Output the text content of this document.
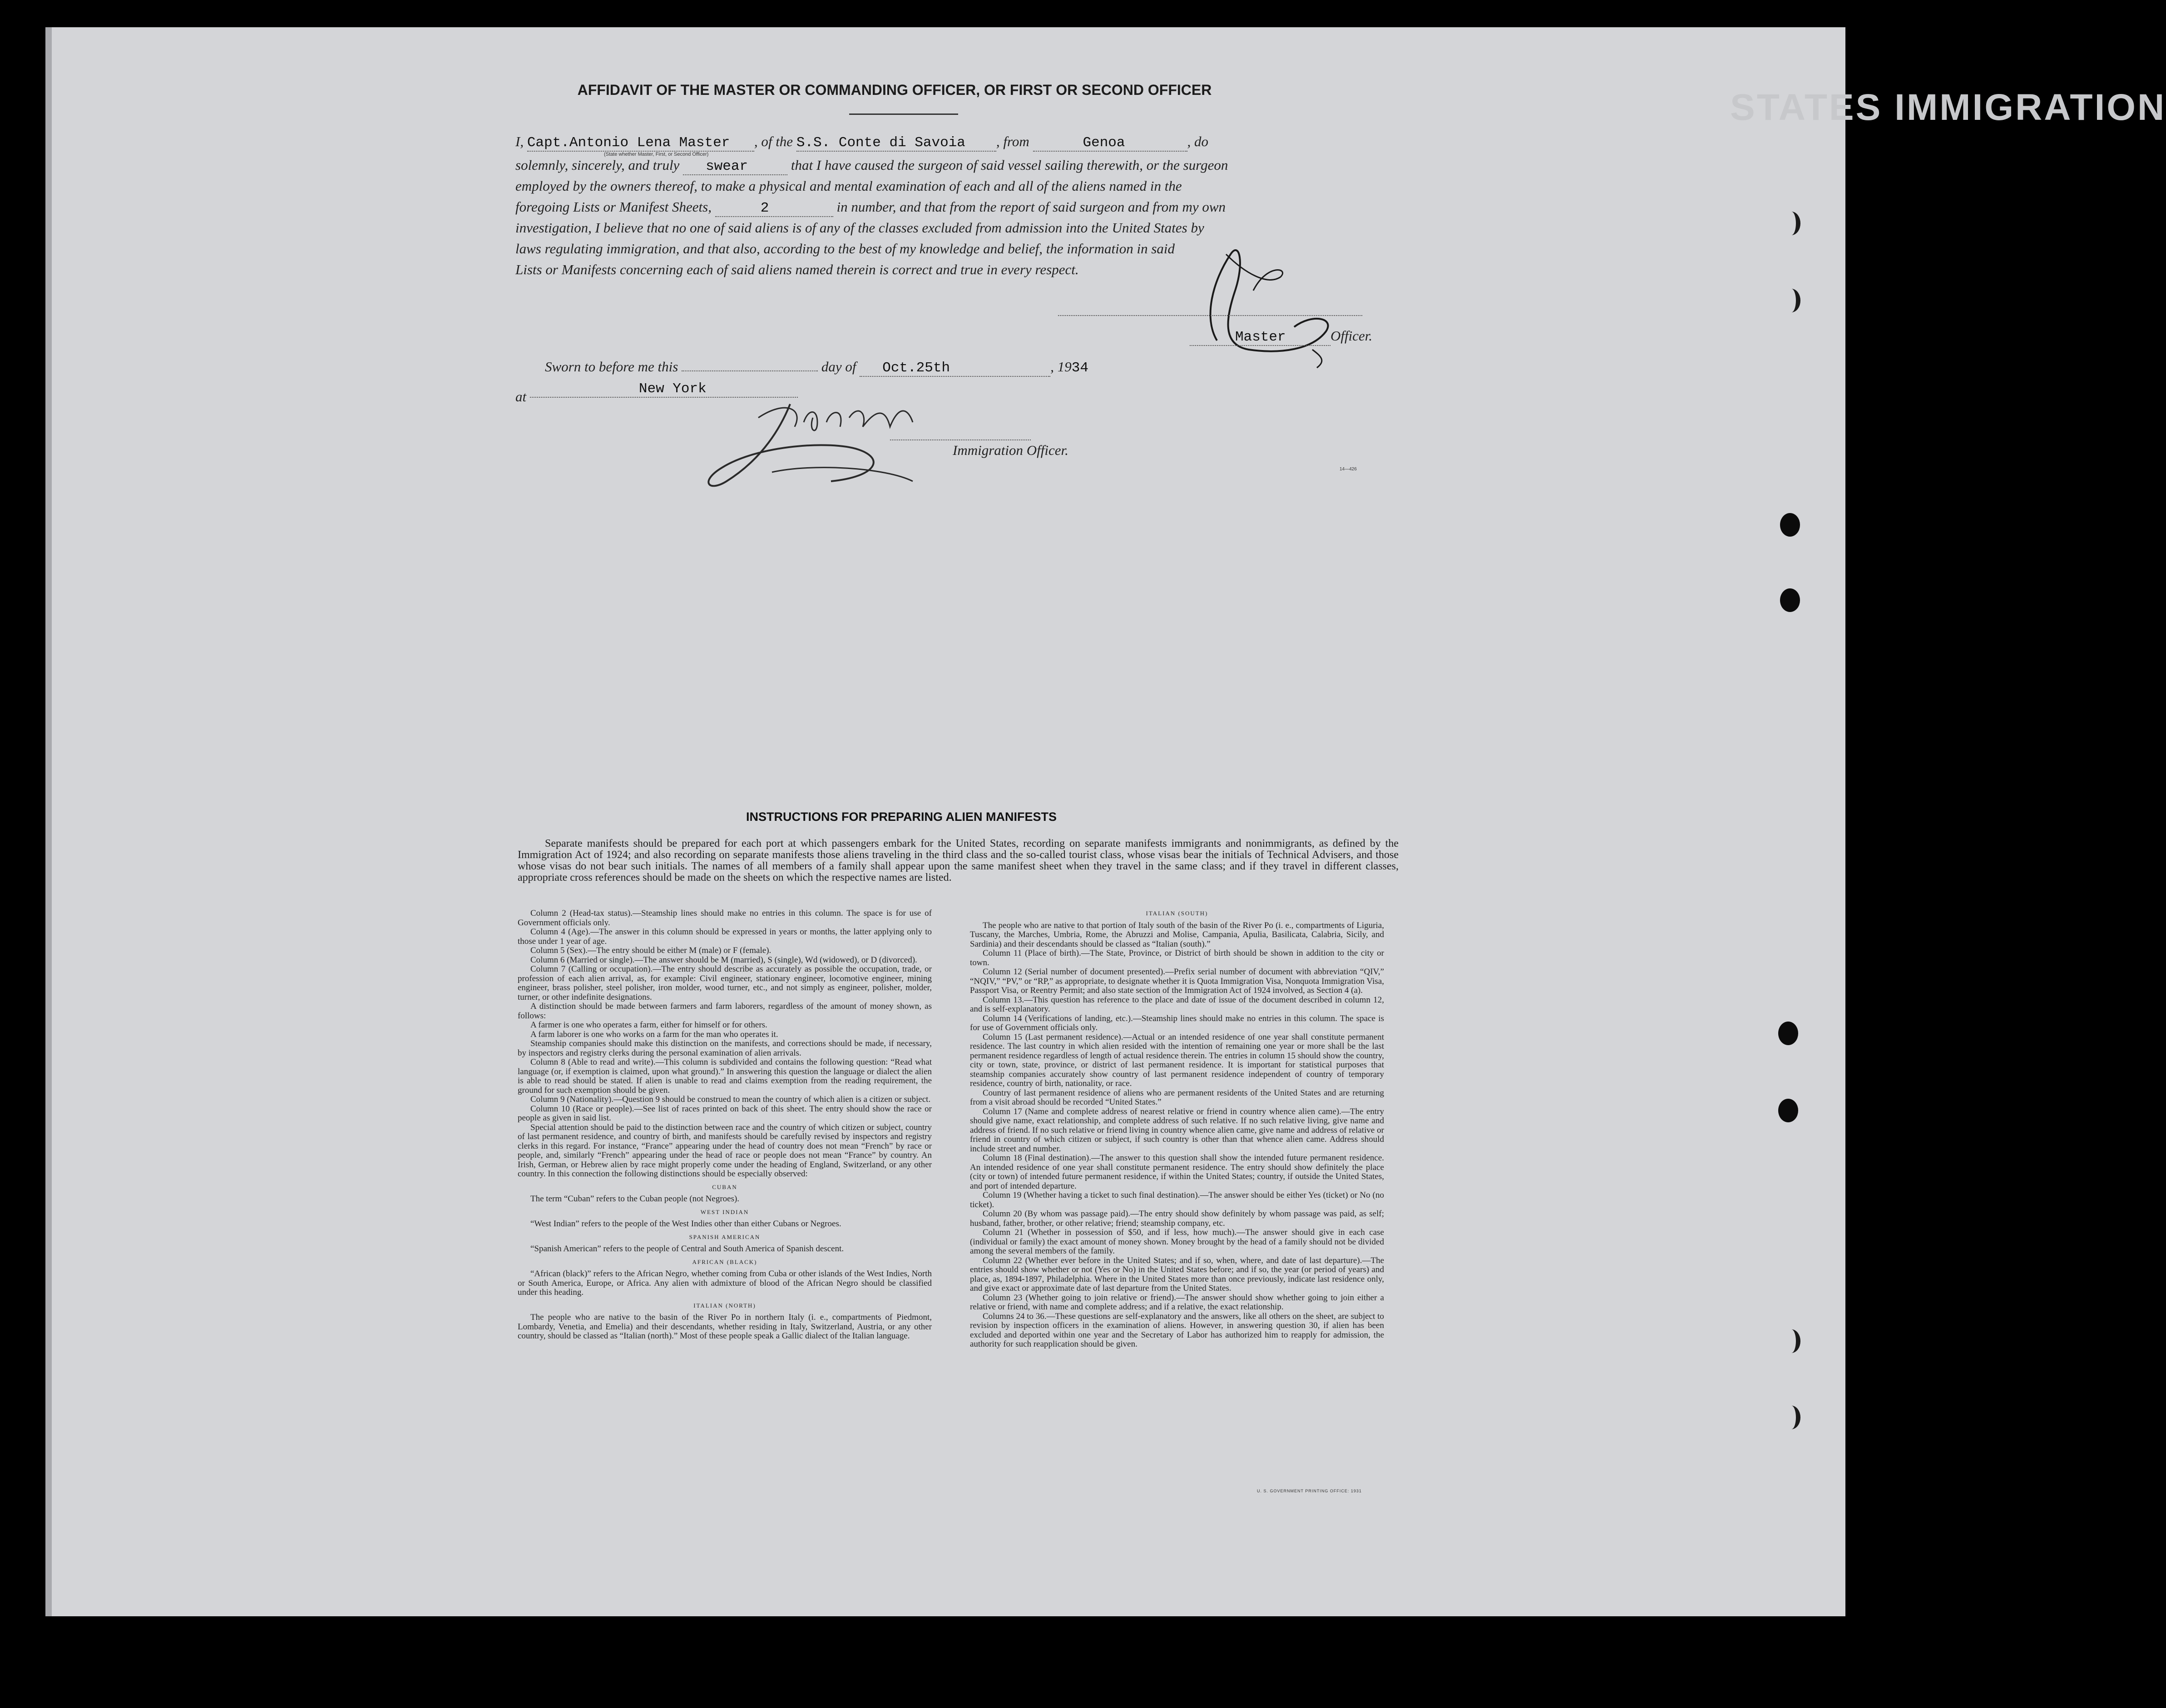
STATES IMMIGRATION
AFFIDAVIT OF THE MASTER OR COMMANDING OFFICER, OR FIRST OR SECOND OFFICER
I, Capt.Antonio Lena Master , of the S.S. Conte di Savoia , from	Genoa	, do
(State whether Master, First, or Second Officer)
solemnly, sincerely, and truly swear	that I have caused the surgeon of said vessel sailing therewith, or the surgeon
employed by the owners thereof, to make a physical and mental examination of each and all of the aliens named in the
foregoing Lists or Manifest Sheets,	2	in number, and that from the report of said surgeon and from my own
investigation, I believe that no one of said aliens is of any of the classes excluded from admission into the United States by
laws regulating immigration, and that also, according to the best of my knowledge and belief, the information in said
Lists or Manifests concerning each of said aliens named therein is correct and true in every respect.
Master	Officer.
Sworn to before me this	day of Oct.25th	, 1934
at	New York
Immigration Officer.
14—426
INSTRUCTIONS FOR PREPARING ALIEN MANIFESTS

Separate manifests should be prepared for each port at which passengers embark for the United States, recording on separate manifests immigrants and nonimmigrants, as defined by the Immigration Act of 1924; and also recording on separate manifests those aliens traveling in the third class and the so-called tourist class, whose visas bear the initials of Technical Advisers, and those whose visas do not bear such initials. The names of all members of a family shall appear upon the same manifest sheet when they travel in the same class; and if they travel in different classes, appropriate cross references should be made on the sheets on which the respective names are listed.

Column 2 (Head-tax status).—Steamship lines should make no entries in this column. The space is for use of Government officials only.

Column 4 (Age).—The answer in this column should be expressed in years or months, the latter applying only to those under 1 year of age.

Column 5 (Sex).—The entry should be either M (male) or F (female).

Column 6 (Married or single).—The answer should be M (married), S (single), Wd (widowed), or D (divorced).

Column 7 (Calling or occupation).—The entry should describe as accurately as possible the occupation, trade, or profession of each alien arrival, as, for example: Civil engineer, stationary engineer, locomotive engineer, mining engineer, brass polisher, steel polisher, iron molder, wood turner, etc., and not simply as engineer, polisher, molder, turner, or other indefinite designations.

A distinction should be made between farmers and farm laborers, regardless of the amount of money shown, as follows:

A farmer is one who operates a farm, either for himself or for others.

A farm laborer is one who works on a farm for the man who operates it.

Steamship companies should make this distinction on the manifests, and corrections should be made, if necessary, by inspectors and registry clerks during the personal examination of alien arrivals.

Column 8 (Able to read and write).—This column is subdivided and contains the following question: “Read what language (or, if exemption is claimed, upon what ground).” In answering this question the language or dialect the alien is able to read should be stated. If alien is unable to read and claims exemption from the reading requirement, the ground for such exemption should be given.

Column 9 (Nationality).—Question 9 should be construed to mean the country of which alien is a citizen or subject.

Column 10 (Race or people).—See list of races printed on back of this sheet. The entry should show the race or people as given in said list.

Special attention should be paid to the distinction between race and the country of which citizen or subject, country of last permanent residence, and country of birth, and manifests should be carefully revised by inspectors and registry clerks in this regard. For instance, “France” appearing under the head of country does not mean “French” by race or people, and, similarly “French” appearing under the head of race or people does not mean “France” by country. An Irish, German, or Hebrew alien by race might properly come under the heading of England, Switzerland, or any other country. In this connection the following distinctions should be especially observed:

CUBAN

The term “Cuban” refers to the Cuban people (not Negroes).

WEST INDIAN

“West Indian” refers to the people of the West Indies other than either Cubans or Negroes.

SPANISH AMERICAN

“Spanish American” refers to the people of Central and South America of Spanish descent.

AFRICAN (BLACK)

“African (black)” refers to the African Negro, whether coming from Cuba or other islands of the West Indies, North or South America, Europe, or Africa. Any alien with admixture of blood of the African Negro should be classified under this heading.

ITALIAN (NORTH)

The people who are native to the basin of the River Po in northern Italy (i. e., compartments of Piedmont, Lombardy, Venetia, and Emelia) and their descendants, whether residing in Italy, Switzerland, Austria, or any other country, should be classed as “Italian (north).” Most of these people speak a Gallic dialect of the Italian language.

ITALIAN (SOUTH)

The people who are native to that portion of Italy south of the basin of the River Po (i. e., compartments of Liguria, Tuscany, the Marches, Umbria, Rome, the Abruzzi and Molise, Campania, Apulia, Basilicata, Calabria, Sicily, and Sardinia) and their descendants should be classed as “Italian (south).”

Column 11 (Place of birth).—The State, Province, or District of birth should be shown in addition to the city or town.

Column 12 (Serial number of document presented).—Prefix serial number of document with abbreviation “QIV,” “NQIV,” “PV,” or “RP,” as appropriate, to designate whether it is Quota Immigration Visa, Nonquota Immigration Visa, Passport Visa, or Reentry Permit; and also state section of the Immigration Act of 1924 involved, as Section 4 (a).

Column 13.—This question has reference to the place and date of issue of the document described in column 12, and is self-explanatory.

Column 14 (Verifications of landing, etc.).—Steamship lines should make no entries in this column. The space is for use of Government officials only.

Column 15 (Last permanent residence).—Actual or an intended residence of one year shall constitute permanent residence. The last country in which alien resided with the intention of remaining one year or more shall be the last permanent residence regardless of length of actual residence therein. The entries in column 15 should show the country, city or town, state, province, or district of last permanent residence. It is important for statistical purposes that steamship companies accurately show country of last permanent residence independent of country of temporary residence, country of birth, nationality, or race.

Country of last permanent residence of aliens who are permanent residents of the United States and are returning from a visit abroad should be recorded “United States.”

Column 17 (Name and complete address of nearest relative or friend in country whence alien came).—The entry should give name, exact relationship, and complete address of such relative. If no such relative living, give name and address of friend. If no such relative or friend living in country whence alien came, give name and address of relative or friend in country of which citizen or subject, if such country is other than that whence alien came. Address should include street and number.

Column 18 (Final destination).—The answer to this question shall show the intended future permanent residence. An intended residence of one year shall constitute permanent residence. The entry should show definitely the place (city or town) of intended future permanent residence, if within the United States; country, if outside the United States, and port of intended departure.

Column 19 (Whether having a ticket to such final destination).—The answer should be either Yes (ticket) or No (no ticket).

Column 20 (By whom was passage paid).—The entry should show definitely by whom passage was paid, as self; husband, father, brother, or other relative; friend; steamship company, etc.

Column 21 (Whether in possession of $50, and if less, how much).—The answer should give in each case (individual or family) the exact amount of money shown. Money brought by the head of a family should not be divided among the several members of the family.

Column 22 (Whether ever before in the United States; and if so, when, where, and date of last departure).—The entries should show whether or not (Yes or No) in the United States before; and if so, the year (or period of years) and place, as, 1894-1897, Philadelphia. Where in the United States more than once previously, indicate last residence only, and give exact or approximate date of last departure from the United States.

Column 23 (Whether going to join relative or friend).—The answer should show whether going to join either a relative or friend, with name and complete address; and if a relative, the exact relationship.

Columns 24 to 36.—These questions are self-explanatory and the answers, like all others on the sheet, are subject to revision by inspection officers in the examination of aliens. However, in answering question 30, if alien has been excluded and deported within one year and the Secretary of Labor has authorized him to reapply for admission, the authority for such reapplication should be given.

U. S. GOVERNMENT PRINTING OFFICE: 1931
